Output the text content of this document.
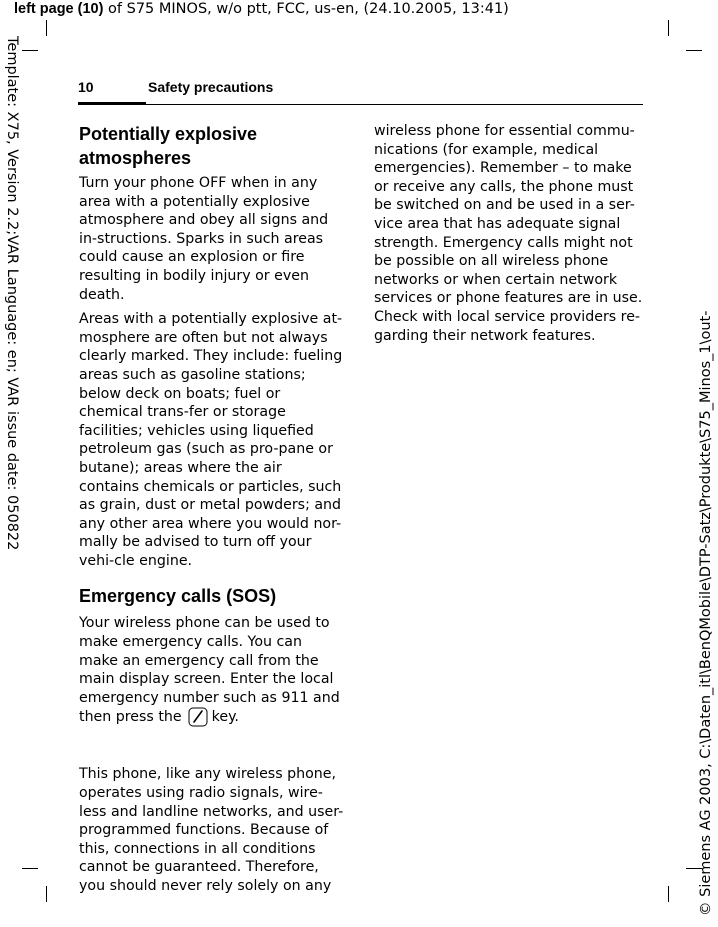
left page (10) of S75 MINOS, w/o ptt, FCC, us-en, (24.10.2005, 13:41)
Template: X75, Version 2.2;VAR Language: en; VAR issue date: 050822
© Siemens AG 2003, C:\Daten_itl\BenQMobile\DTP-Satz\Produkte\S75_Minos_1\out-
10	Safety precautions
Potentially explosive atmospheres

Turn your phone OFF when in any area with a potentially explosive atmosphere and obey all signs and in-structions. Sparks in such areas could cause an explosion or fire resulting in bodily injury or even death.

Areas with a potentially explosive at-mosphere are often but not always clearly marked. They include: fueling areas such as gasoline stations; below deck on boats; fuel or chemical trans-fer or storage facilities; vehicles using liquefied petroleum gas (such as pro-pane or butane); areas where the air contains chemicals or particles, such as grain, dust or metal powders; and any other area where you would nor-mally be advised to turn off your vehi-cle engine.

Emergency calls (SOS)

Your wireless phone can be used to make emergency calls. You can make an emergency call from the main display screen. Enter the local emergency number such as 911 and then press the key.

This phone, like any wireless phone, operates using radio signals, wire-less and landline networks, and user-programmed functions. Because of this, connections in all conditions cannot be guaranteed. Therefore, you should never rely solely on any

wireless phone for essential commu-nications (for example, medical emergencies). Remember – to make or receive any calls, the phone must be switched on and be used in a ser-vice area that has adequate signal strength. Emergency calls might not be possible on all wireless phone networks or when certain network services or phone features are in use. Check with local service providers re-garding their network features.
